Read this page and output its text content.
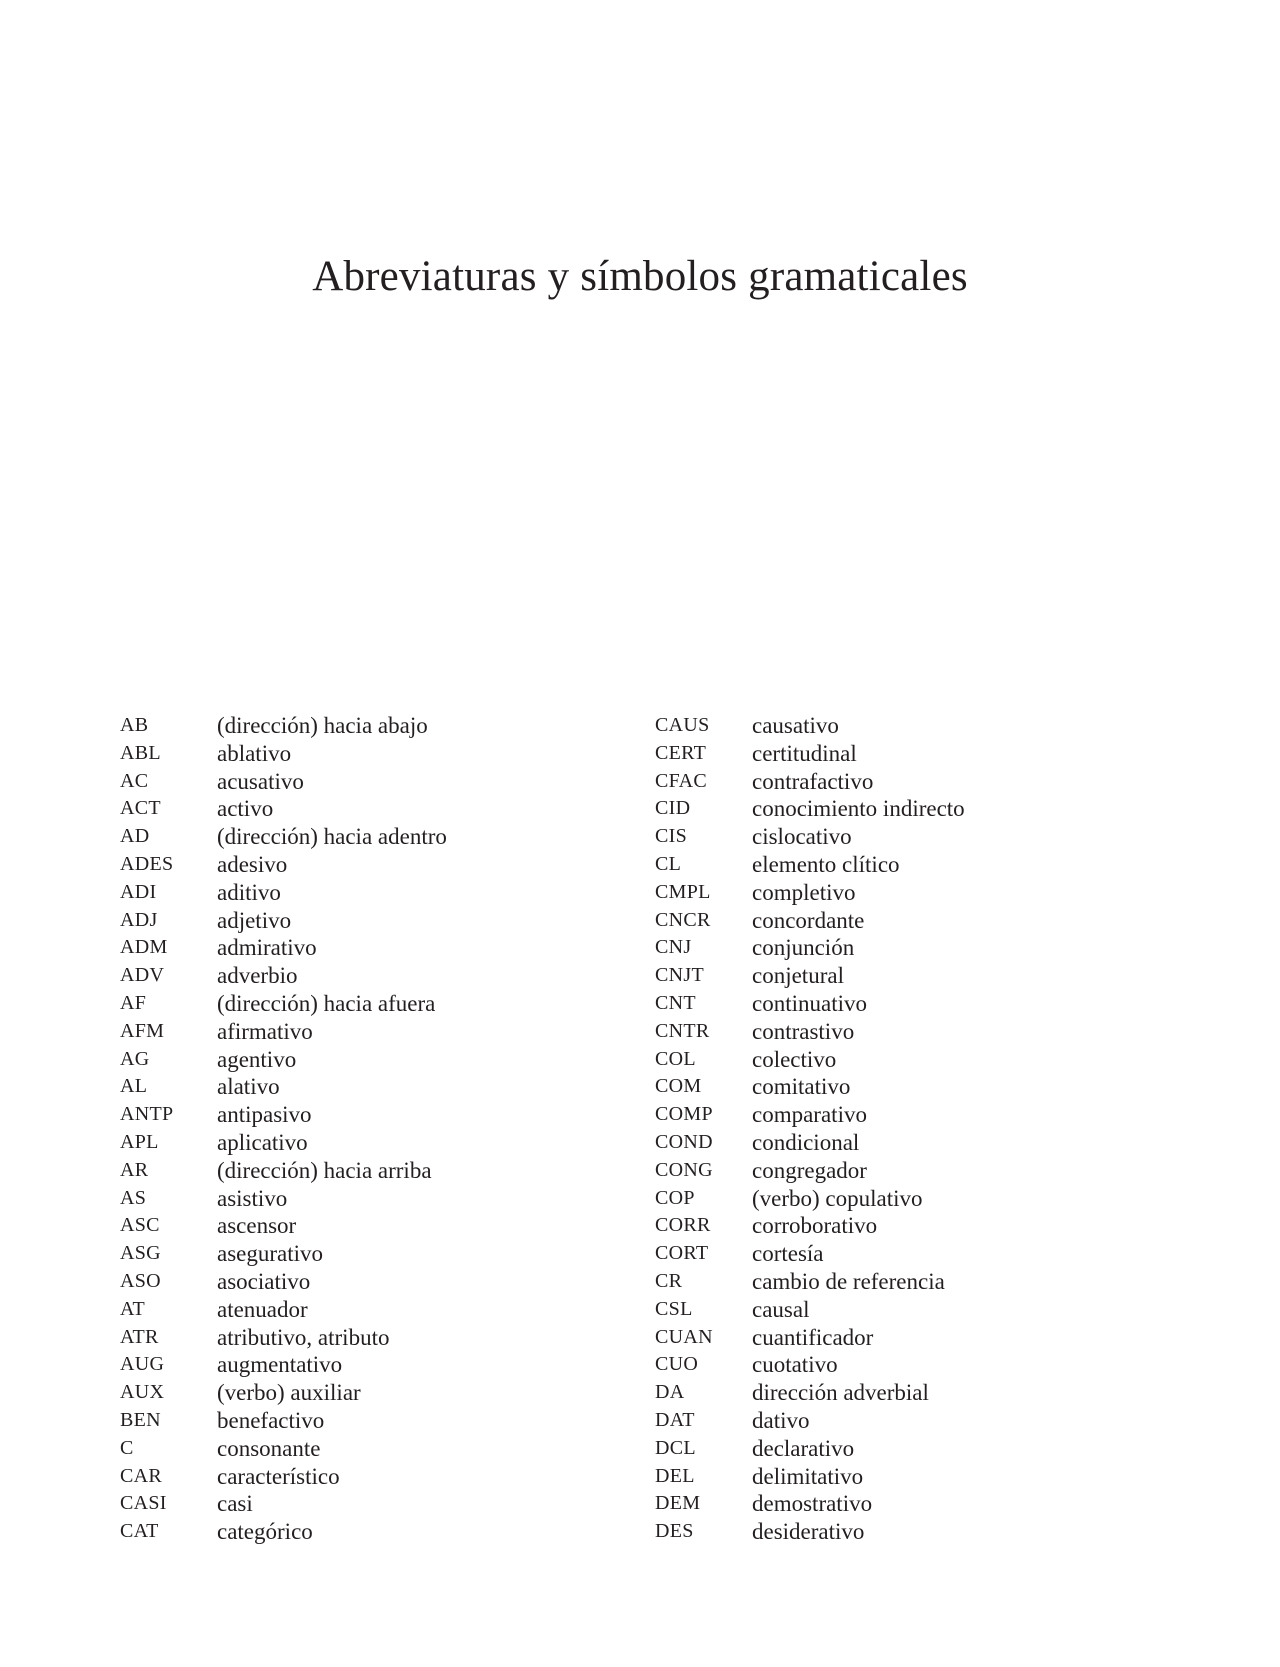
Abreviaturas y símbolos gramaticales
AB	(dirección) hacia abajo
ABL	ablativo
AC	acusativo
ACT	activo
AD	(dirección) hacia adentro
ADES	adesivo
ADI	aditivo
ADJ	adjetivo
ADM	admirativo
ADV	adverbio
AF	(dirección) hacia afuera
AFM	afirmativo
AG	agentivo
AL	alativo
ANTP	antipasivo
APL	aplicativo
AR	(dirección) hacia arriba
AS	asistivo
ASC	ascensor
ASG	asegurativo
ASO	asociativo
AT	atenuador
ATR	atributivo, atributo
AUG	augmentativo
AUX	(verbo) auxiliar
BEN	benefactivo
C	consonante
CAR	característico
CASI	casi
CAT	categórico
CAUS	causativo
CERT	certitudinal
CFAC	contrafactivo
CID	conocimiento indirecto
CIS	cislocativo
CL	elemento clítico
CMPL	completivo
CNCR	concordante
CNJ	conjunción
CNJT	conjetural
CNT	continuativo
CNTR	contrastivo
COL	colectivo
COM	comitativo
COMP	comparativo
COND	condicional
CONG	congregador
COP	(verbo) copulativo
CORR	corroborativo
CORT	cortesía
CR	cambio de referencia
CSL	causal
CUAN	cuantificador
CUO	cuotativo
DA	dirección adverbial
DAT	dativo
DCL	declarativo
DEL	delimitativo
DEM	demostrativo
DES	desiderativo
